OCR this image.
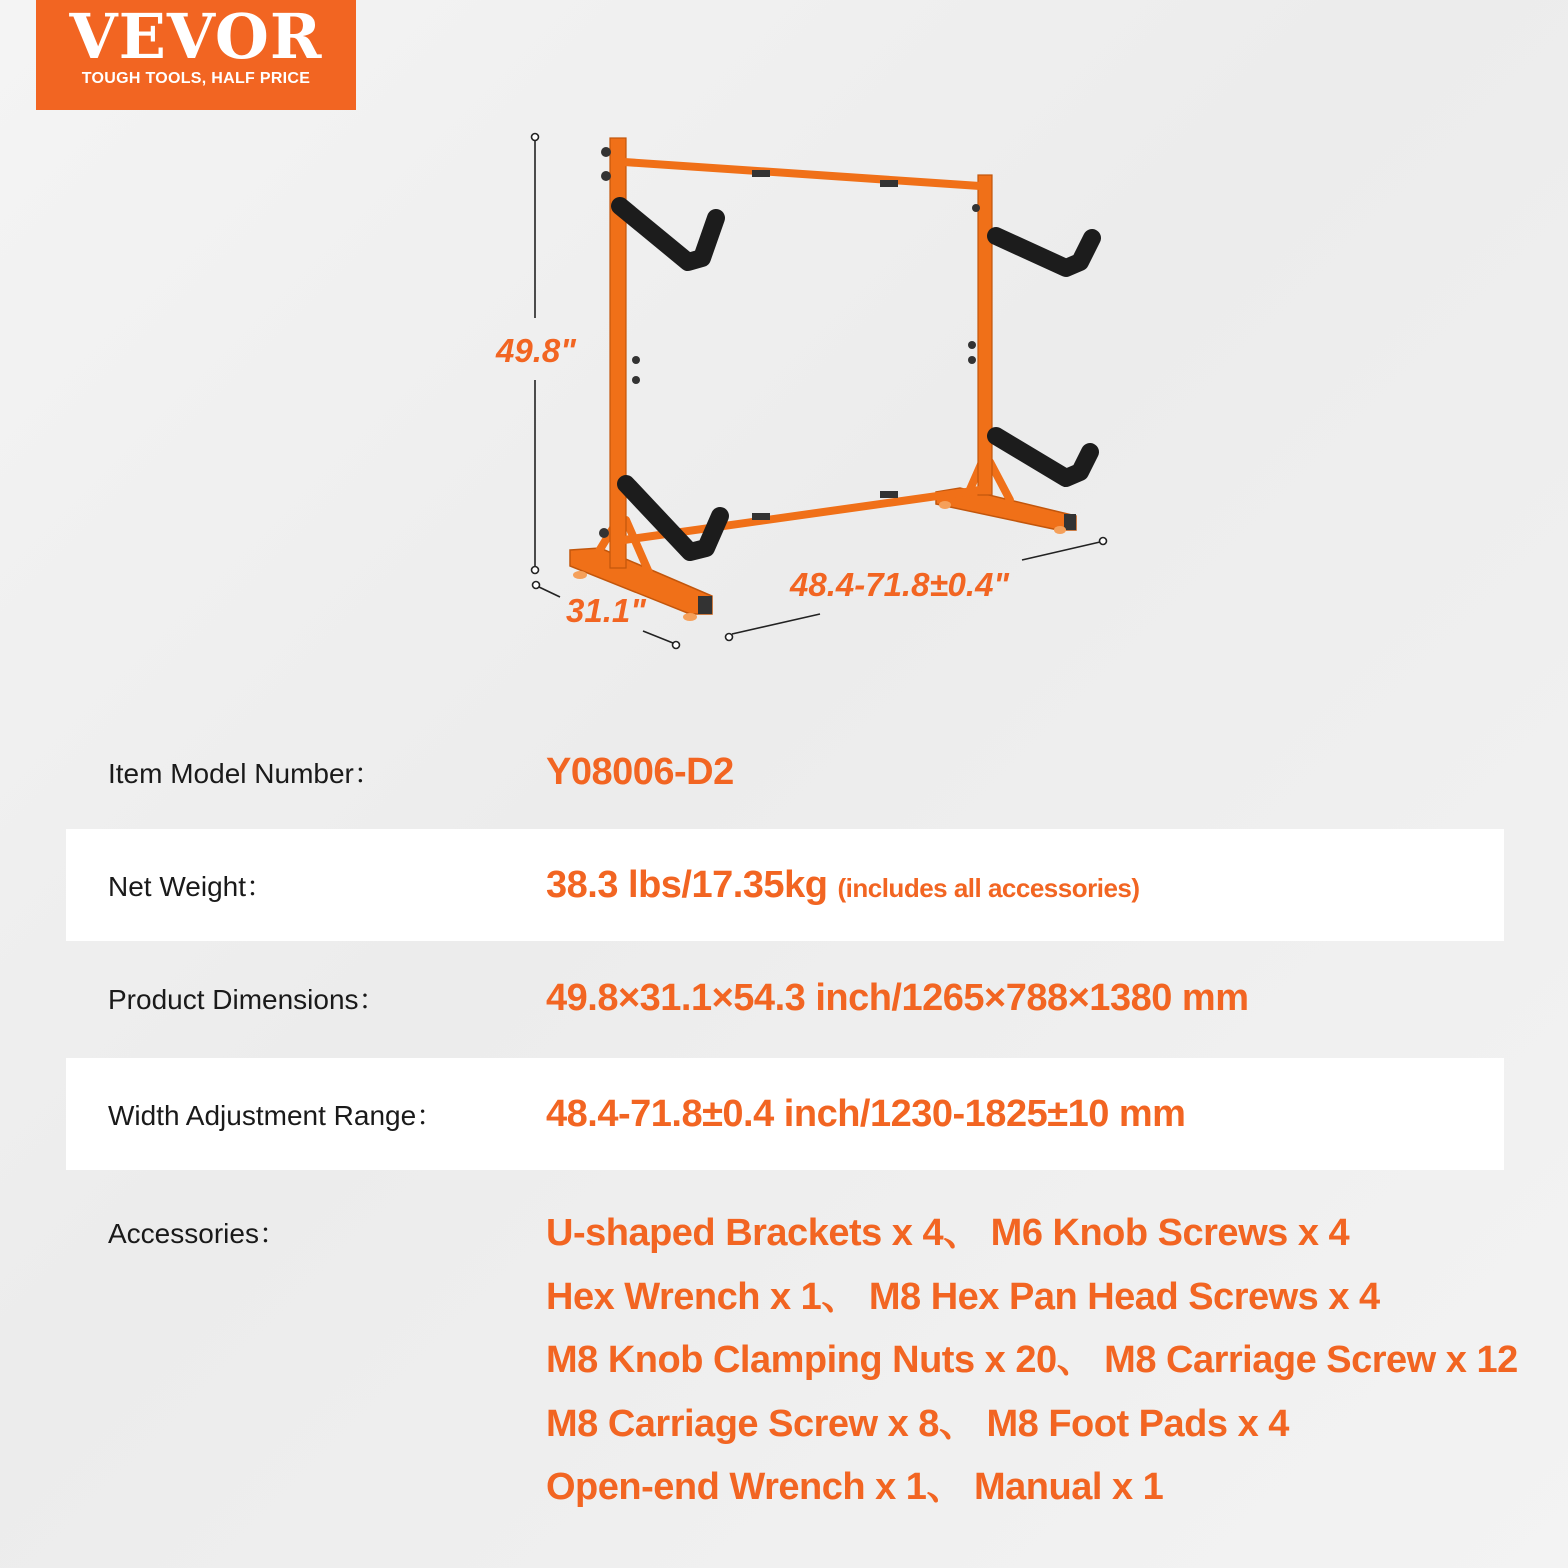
VEVOR
TOUGH TOOLS, HALF PRICE
49.8"
31.1"
48.4-71.8±0.4"
Item Model Number：	Y08006-D2
Net Weight：	38.3 lbs/17.35kg (includes all accessories)
Product Dimensions：	49.8×31.1×54.3 inch/1265×788×1380 mm
Width Adjustment Range：	48.4-71.8±0.4 inch/1230-1825±10 mm
Accessories：	U-shaped Brackets x 4、 M6 Knob Screws x 4
Hex Wrench x 1、 M8 Hex Pan Head Screws x 4
M8 Knob Clamping Nuts x 20、 M8 Carriage Screw x 12
M8 Carriage Screw x 8、 M8 Foot Pads x 4
Open-end Wrench x 1、 Manual x 1
